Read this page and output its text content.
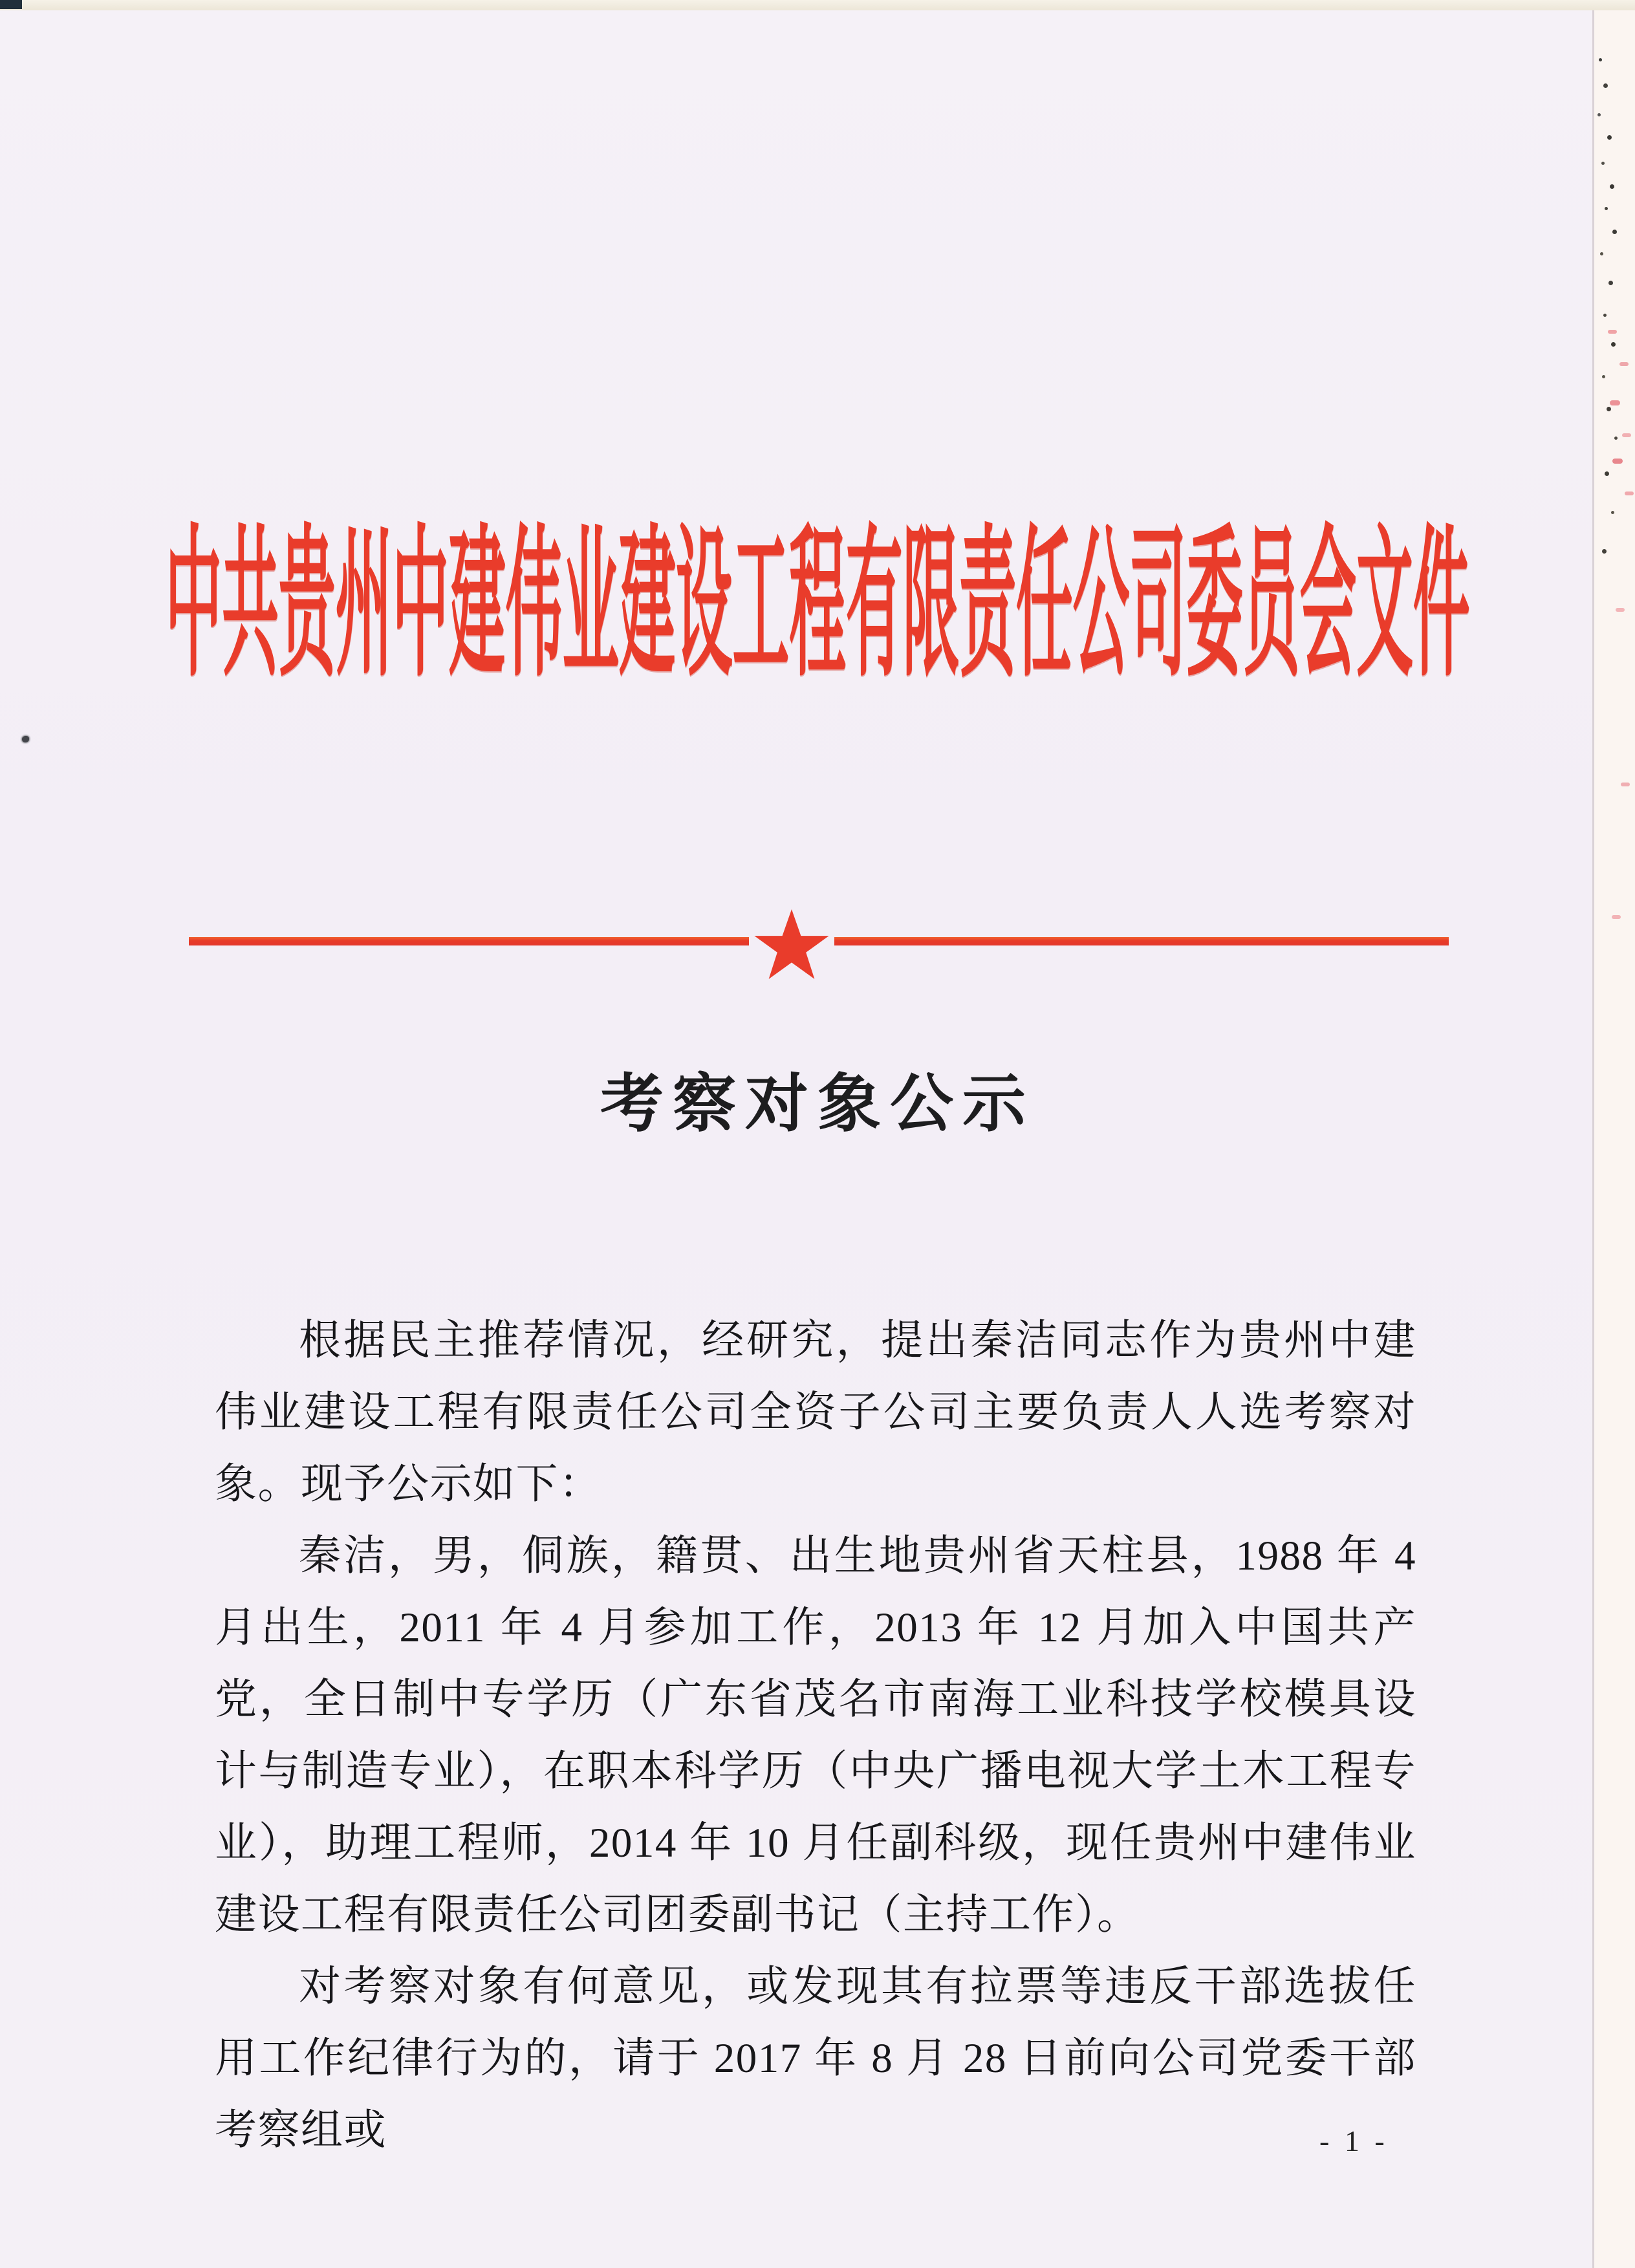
中共贵州中建伟业建设工程有限责任公司委员会文件
考察对象公示

根据民主推荐情况，经研究，提出秦洁同志作为贵州中建伟业建设工程有限责任公司全资子公司主要负责人人选考察对象。现予公示如下：

秦洁，男，侗族，籍贯、出生地贵州省天柱县，1988 年 4 月出生，2011 年 4 月参加工作，2013 年 12 月加入中国共产党，全日制中专学历（广东省茂名市南海工业科技学校模具设计与制造专业），在职本科学历（中央广播电视大学土木工程专业），助理工程师，2014 年 10 月任副科级，现任贵州中建伟业建设工程有限责任公司团委副书记（主持工作）。

对考察对象有何意见，或发现其有拉票等违反干部选拔任用工作纪律行为的，请于 2017 年 8 月 28 日前向公司党委干部考察组或	- 1 -
